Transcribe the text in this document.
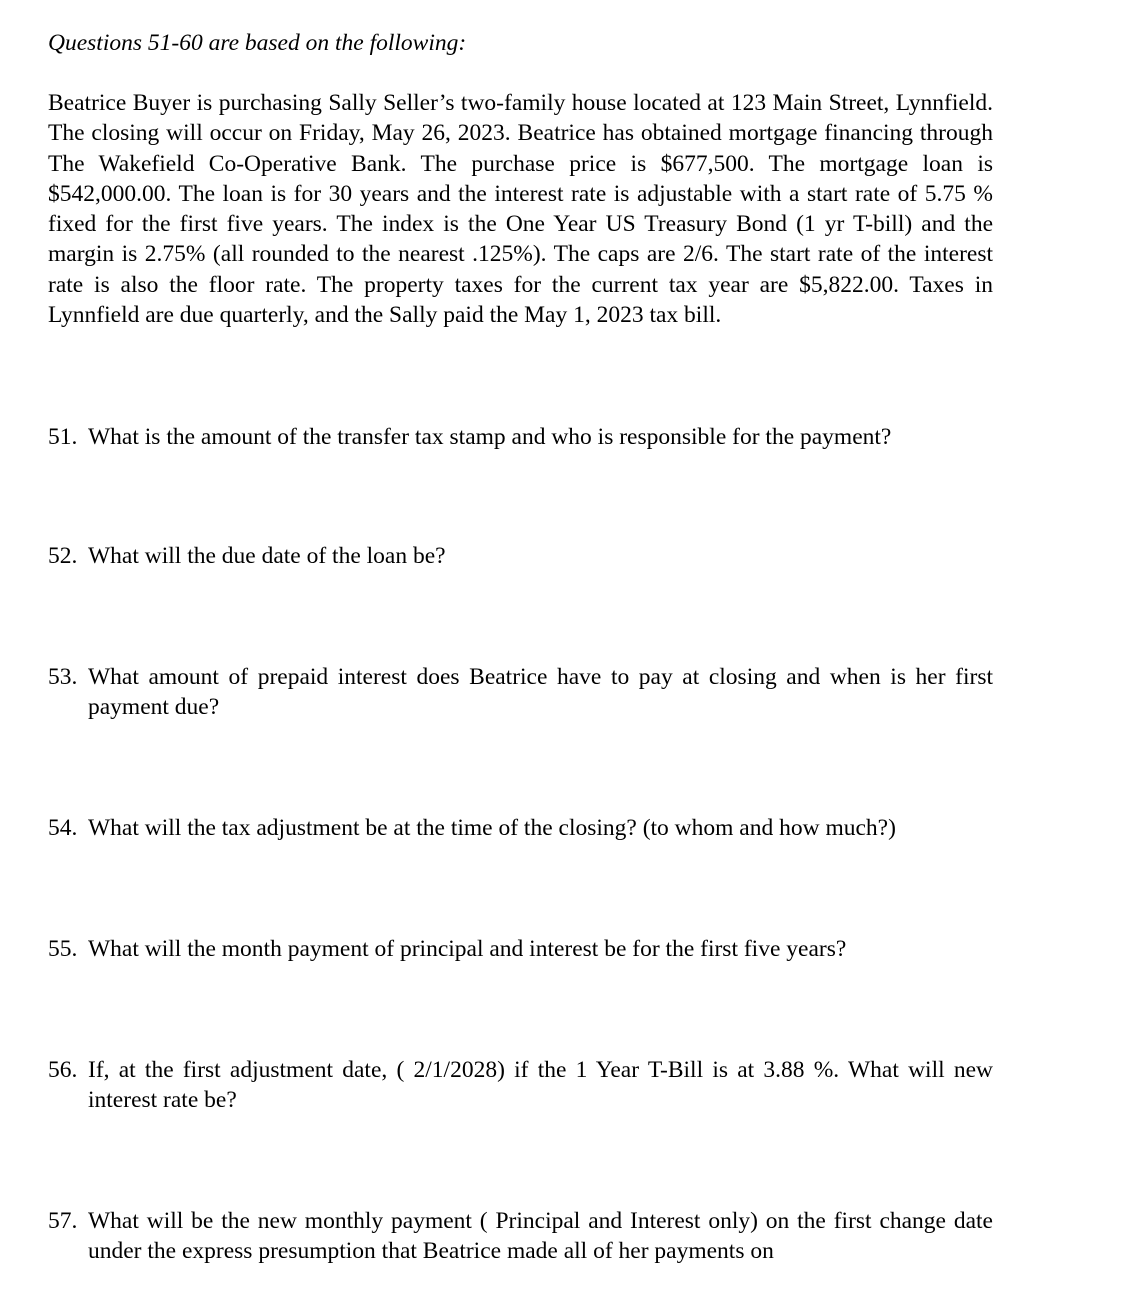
Questions 51-60 are based on the following:
Beatrice Buyer is purchasing Sally Seller’s two-family house located at 123 Main Street, Lynnfield. The closing will occur on Friday, May 26, 2023. Beatrice has obtained mortgage financing through The Wakefield Co-Operative Bank. The purchase price is $677,500. The mortgage loan is $542,000.00. The loan is for 30 years and the interest rate is adjustable with a start rate of 5.75 % fixed for the first five years. The index is the One Year US Treasury Bond (1 yr T-bill) and the margin is 2.75% (all rounded to the nearest .125%). The caps are 2/6. The start rate of the interest rate is also the floor rate. The property taxes for the current tax year are $5,822.00. Taxes in Lynnfield are due quarterly, and the Sally paid the May 1, 2023 tax bill.
51. What is the amount of the transfer tax stamp and who is responsible for the payment?
52. What will the due date of the loan be?
53. What amount of prepaid interest does Beatrice have to pay at closing and when is her first payment due?
54. What will the tax adjustment be at the time of the closing? (to whom and how much?)
55. What will the month payment of principal and interest be for the first five years?
56. If, at the first adjustment date, ( 2/1/2028) if the 1 Year T-Bill is at 3.88 %. What will new interest rate be?
57. What will be the new monthly payment ( Principal and Interest only) on the first change date under the express presumption that Beatrice made all of her payments on
